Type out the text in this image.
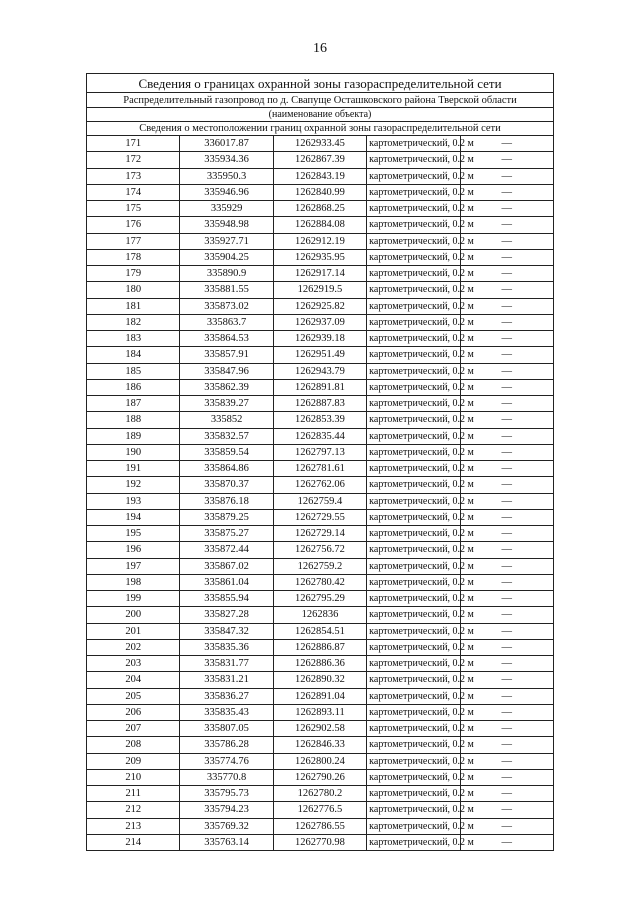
16
Сведения о границах охранной зоны газораспределительной сети				
Распределительный газопровод по д. Свапуще Осташковского района Тверской области				
(наименование объекта)				
Сведения о местоположении границ охранной зоны газораспределительной сети				
171	336017.87	1262933.45	картометрический, 0.2 м	—
172	335934.36	1262867.39	картометрический, 0.2 м	—
173	335950.3	1262843.19	картометрический, 0.2 м	—
174	335946.96	1262840.99	картометрический, 0.2 м	—
175	335929	1262868.25	картометрический, 0.2 м	—
176	335948.98	1262884.08	картометрический, 0.2 м	—
177	335927.71	1262912.19	картометрический, 0.2 м	—
178	335904.25	1262935.95	картометрический, 0.2 м	—
179	335890.9	1262917.14	картометрический, 0.2 м	—
180	335881.55	1262919.5	картометрический, 0.2 м	—
181	335873.02	1262925.82	картометрический, 0.2 м	—
182	335863.7	1262937.09	картометрический, 0.2 м	—
183	335864.53	1262939.18	картометрический, 0.2 м	—
184	335857.91	1262951.49	картометрический, 0.2 м	—
185	335847.96	1262943.79	картометрический, 0.2 м	—
186	335862.39	1262891.81	картометрический, 0.2 м	—
187	335839.27	1262887.83	картометрический, 0.2 м	—
188	335852	1262853.39	картометрический, 0.2 м	—
189	335832.57	1262835.44	картометрический, 0.2 м	—
190	335859.54	1262797.13	картометрический, 0.2 м	—
191	335864.86	1262781.61	картометрический, 0.2 м	—
192	335870.37	1262762.06	картометрический, 0.2 м	—
193	335876.18	1262759.4	картометрический, 0.2 м	—
194	335879.25	1262729.55	картометрический, 0.2 м	—
195	335875.27	1262729.14	картометрический, 0.2 м	—
196	335872.44	1262756.72	картометрический, 0.2 м	—
197	335867.02	1262759.2	картометрический, 0.2 м	—
198	335861.04	1262780.42	картометрический, 0.2 м	—
199	335855.94	1262795.29	картометрический, 0.2 м	—
200	335827.28	1262836	картометрический, 0.2 м	—
201	335847.32	1262854.51	картометрический, 0.2 м	—
202	335835.36	1262886.87	картометрический, 0.2 м	—
203	335831.77	1262886.36	картометрический, 0.2 м	—
204	335831.21	1262890.32	картометрический, 0.2 м	—
205	335836.27	1262891.04	картометрический, 0.2 м	—
206	335835.43	1262893.11	картометрический, 0.2 м	—
207	335807.05	1262902.58	картометрический, 0.2 м	—
208	335786.28	1262846.33	картометрический, 0.2 м	—
209	335774.76	1262800.24	картометрический, 0.2 м	—
210	335770.8	1262790.26	картометрический, 0.2 м	—
211	335795.73	1262780.2	картометрический, 0.2 м	—
212	335794.23	1262776.5	картометрический, 0.2 м	—
213	335769.32	1262786.55	картометрический, 0.2 м	—
214	335763.14	1262770.98	картометрический, 0.2 м	—
